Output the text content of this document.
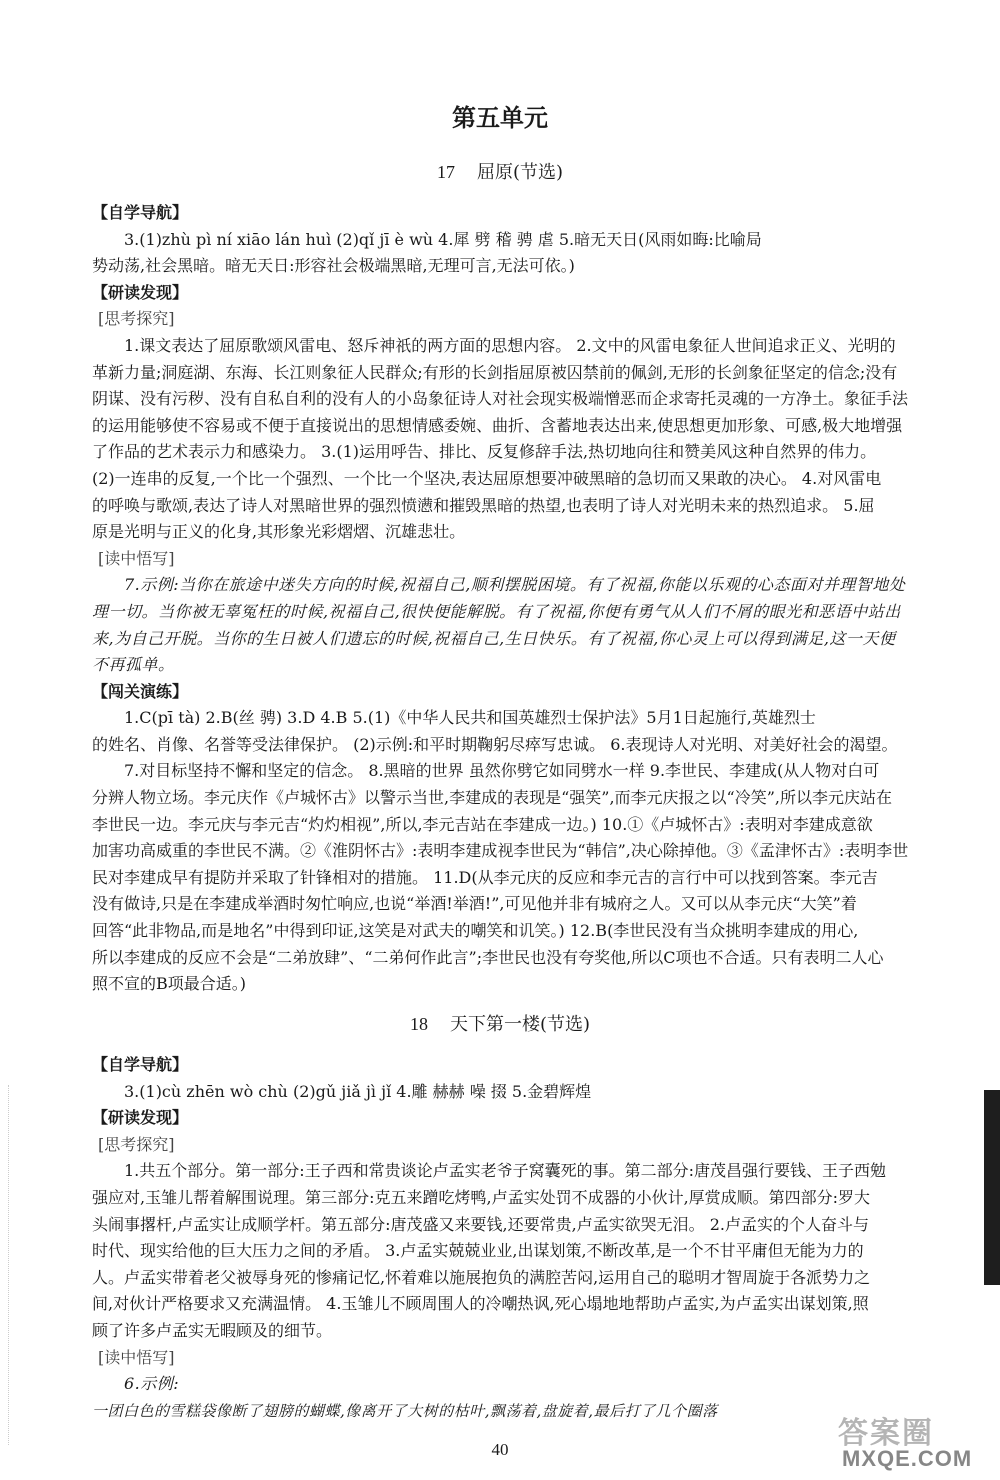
第五单元
17 屈原(节选)
【自学导航】
3.(1)zhù pì ní xiāo lán huì (2)qǐ jī è wù 4.犀 劈 稽 骋 虐 5.暗无天日(风雨如晦:比喻局
势动荡,社会黑暗。暗无天日:形容社会极端黑暗,无理可言,无法可依。)
【研读发现】
[思考探究]
1.课文表达了屈原歌颂风雷电、怒斥神祇的两方面的思想内容。 2.文中的风雷电象征人世间追求正义、光明的
革新力量;洞庭湖、东海、长江则象征人民群众;有形的长剑指屈原被囚禁前的佩剑,无形的长剑象征坚定的信念;没有
阴谋、没有污秽、没有自私自利的没有人的小岛象征诗人对社会现实极端憎恶而企求寄托灵魂的一方净土。象征手法
的运用能够使不容易或不便于直接说出的思想情感委婉、曲折、含蓄地表达出来,使思想更加形象、可感,极大地增强
了作品的艺术表示力和感染力。 3.(1)运用呼告、排比、反复修辞手法,热切地向往和赞美风这种自然界的伟力。
(2)一连串的反复,一个比一个强烈、一个比一个坚决,表达屈原想要冲破黑暗的急切而又果敢的决心。 4.对风雷电
的呼唤与歌颂,表达了诗人对黑暗世界的强烈愤懑和摧毁黑暗的热望,也表明了诗人对光明未来的热烈追求。 5.屈
原是光明与正义的化身,其形象光彩熠熠、沉雄悲壮。
[读中悟写]
7.示例:当你在旅途中迷失方向的时候,祝福自己,顺利摆脱困境。有了祝福,你能以乐观的心态面对并理智地处
理一切。当你被无辜冤枉的时候,祝福自己,很快便能解脱。有了祝福,你便有勇气从人们不屑的眼光和恶语中站出
来,为自己开脱。当你的生日被人们遗忘的时候,祝福自己,生日快乐。有了祝福,你心灵上可以得到满足,这一天便
不再孤单。
【闯关演练】
1.C(pī tà) 2.B(丝 骋) 3.D 4.B 5.(1)《中华人民共和国英雄烈士保护法》5月1日起施行,英雄烈士
的姓名、肖像、名誉等受法律保护。 (2)示例:和平时期鞠躬尽瘁写忠诚。 6.表现诗人对光明、对美好社会的渴望。
7.对目标坚持不懈和坚定的信念。 8.黑暗的世界 虽然你劈它如同劈水一样 9.李世民、李建成(从人物对白可
分辨人物立场。李元庆作《卢城怀古》以警示当世,李建成的表现是“强笑”,而李元庆报之以“冷笑”,所以李元庆站在
李世民一边。李元庆与李元吉“灼灼相视”,所以,李元吉站在李建成一边。) 10.①《卢城怀古》:表明对李建成意欲
加害功高威重的李世民不满。②《淮阴怀古》:表明李建成视李世民为“韩信”,决心除掉他。③《孟津怀古》:表明李世
民对李建成早有提防并采取了针锋相对的措施。 11.D(从李元庆的反应和李元吉的言行中可以找到答案。李元吉
没有做诗,只是在李建成举酒时匆忙响应,也说“举酒!举酒!”,可见他并非有城府之人。又可以从李元庆“大笑”着
回答“此非物品,而是地名”中得到印证,这笑是对武夫的嘲笑和讥笑。) 12.B(李世民没有当众挑明李建成的用心,
所以李建成的反应不会是“二弟放肆”、“二弟何作此言”;李世民也没有夸奖他,所以C项也不合适。只有表明二人心
照不宣的B项最合适。)
18 天下第一楼(节选)
【自学导航】
3.(1)cù zhēn wò chù (2)gǔ jiǎ jì jǐ 4.雕 赫赫 噪 掇 5.金碧辉煌
【研读发现】
[思考探究]
1.共五个部分。第一部分:王子西和常贵谈论卢孟实老爷子窝囊死的事。第二部分:唐茂昌强行要钱、王子西勉
强应对,玉雏儿帮着解围说理。第三部分:克五来蹭吃烤鸭,卢孟实处罚不成器的小伙计,厚赏成顺。第四部分:罗大
头闹事撂杆,卢孟实让成顺学杆。第五部分:唐茂盛又来要钱,还要常贵,卢孟实欲哭无泪。 2.卢孟实的个人奋斗与
时代、现实给他的巨大压力之间的矛盾。 3.卢孟实兢兢业业,出谋划策,不断改革,是一个不甘平庸但无能为力的
人。卢孟实带着老父被辱身死的惨痛记忆,怀着难以施展抱负的满腔苦闷,运用自己的聪明才智周旋于各派势力之
间,对伙计严格要求又充满温情。 4.玉雏儿不顾周围人的冷嘲热讽,死心塌地地帮助卢孟实,为卢孟实出谋划策,照
顾了许多卢孟实无暇顾及的细节。
[读中悟写]
6.示例:
一团白色的雪糕袋像断了翅膀的蝴蝶,像离开了大树的枯叶,飘荡着,盘旋着,最后打了几个圈落
40	答案圈
MXQE.COM
